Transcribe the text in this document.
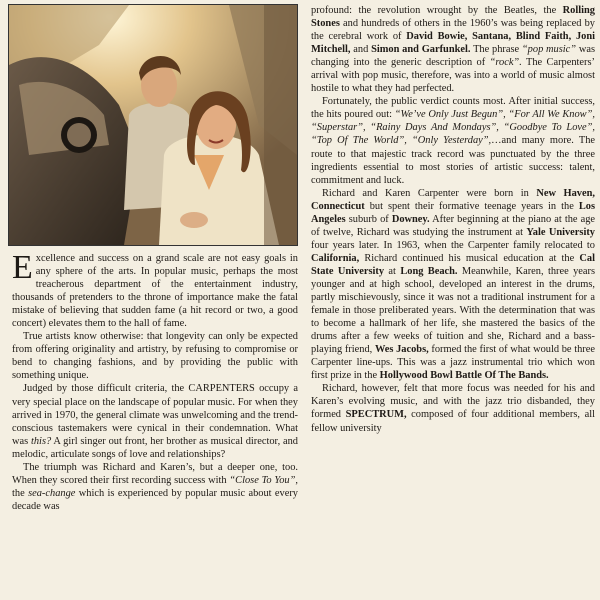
Excellence and success on a grand scale are not easy goals in any sphere of the arts. In popular music, perhaps the most treacherous department of the entertainment industry, thousands of pretenders to the throne of importance make the fatal mistake of believing that sudden fame (a hit record or two, a good concert) elevates them to the hall of fame.

True artists know otherwise: that longevity can only be expected from offering originality and artistry, by refusing to compromise or bend to changing fashions, and by providing the public with something unique.

Judged by those difficult criteria, the CARPENTERS occupy a very special place on the landscape of popular music. For when they arrived in 1970, the general climate was unwelcoming and the trend-conscious tastemakers were cynical in their condemnation. What was this? A girl singer out front, her brother as musical director, and melodic, articulate songs of love and relationships?

The triumph was Richard and Karen’s, but a deeper one, too. When they scored their first recording success with “Close To You”, the sea-change which is experienced by popular music about every decade was

profound: the revolution wrought by the Beatles, the Rolling Stones and hundreds of others in the 1960’s was being replaced by the cerebral work of David Bowie, Santana, Blind Faith, Joni Mitchell, and Simon and Garfunkel. The phrase “pop music” was changing into the generic description of “rock”. The Carpenters’ arrival with pop music, therefore, was into a world of music almost hostile to what they had perfected.

Fortunately, the public verdict counts most. After initial success, the hits poured out: “We’ve Only Just Begun”, “For All We Know”, “Superstar”, “Rainy Days And Mondays”, “Goodbye To Love”, “Top Of The World”, “Only Yesterday”,…and many more. The route to that majestic track record was punctuated by the three ingredients essential to most stories of artistic success: talent, commitment and luck.

Richard and Karen Carpenter were born in New Haven, Connecticut but spent their formative teenage years in the Los Angeles suburb of Downey. After beginning at the piano at the age of twelve, Richard was studying the instrument at Yale University four years later. In 1963, when the Carpenter family relocated to California, Richard continued his musical education at the Cal State University at Long Beach. Meanwhile, Karen, three years younger and at high school, developed an interest in the drums, partly mischievously, since it was not a traditional instrument for a female in those preliberated years. With the determination that was to become a hallmark of her life, she mastered the basics of the drums after a few weeks of tuition and she, Richard and a bass-playing friend, Wes Jacobs, formed the first of what would be three Carpenter line-ups. This was a jazz instrumental trio which won first prize in the Hollywood Bowl Battle Of The Bands.

Richard, however, felt that more focus was needed for his and Karen’s evolving music, and with the jazz trio disbanded, they formed SPECTRUM, composed of four additional members, all fellow university
